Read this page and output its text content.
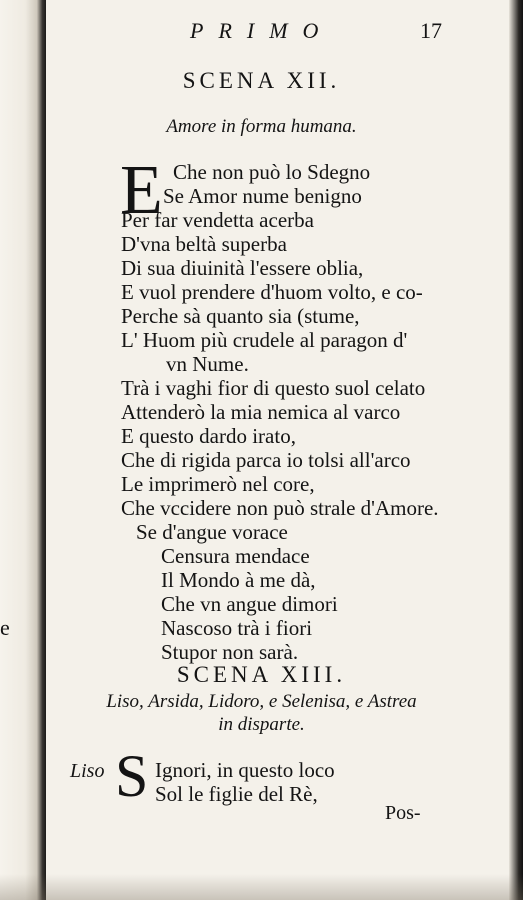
e
PRIMO	17
SCENA XII.
Amore in forma humana.
E Che non può lo Sdegno
Se Amor nume benigno
Per far vendetta acerba
D'vna beltà superba
Di sua diuinità l'essere oblia,
E vuol prendere d'huom volto, e co-
Perche sà quanto sia (stume,
L' Huom più crudele al paragon d'
vn Nume.
Trà i vaghi fior di questo suol celato
Attenderò la mia nemica al varco
E questo dardo irato,
Che di rigida parca io tolsi all'arco
Le imprimerò nel core,
Che vccidere non può strale d'Amore.
Se d'angue vorace
Censura mendace
Il Mondo à me dà,
Che vn angue dimori
Nascoso trà i fiori
Stupor non sarà.
SCENA XIII.
Liso, Arsida, Lidoro, e Selenisa, e Astrea
in disparte.
Liso S Ignori, in questo loco
Sol le figlie del Rè,
Pos-
